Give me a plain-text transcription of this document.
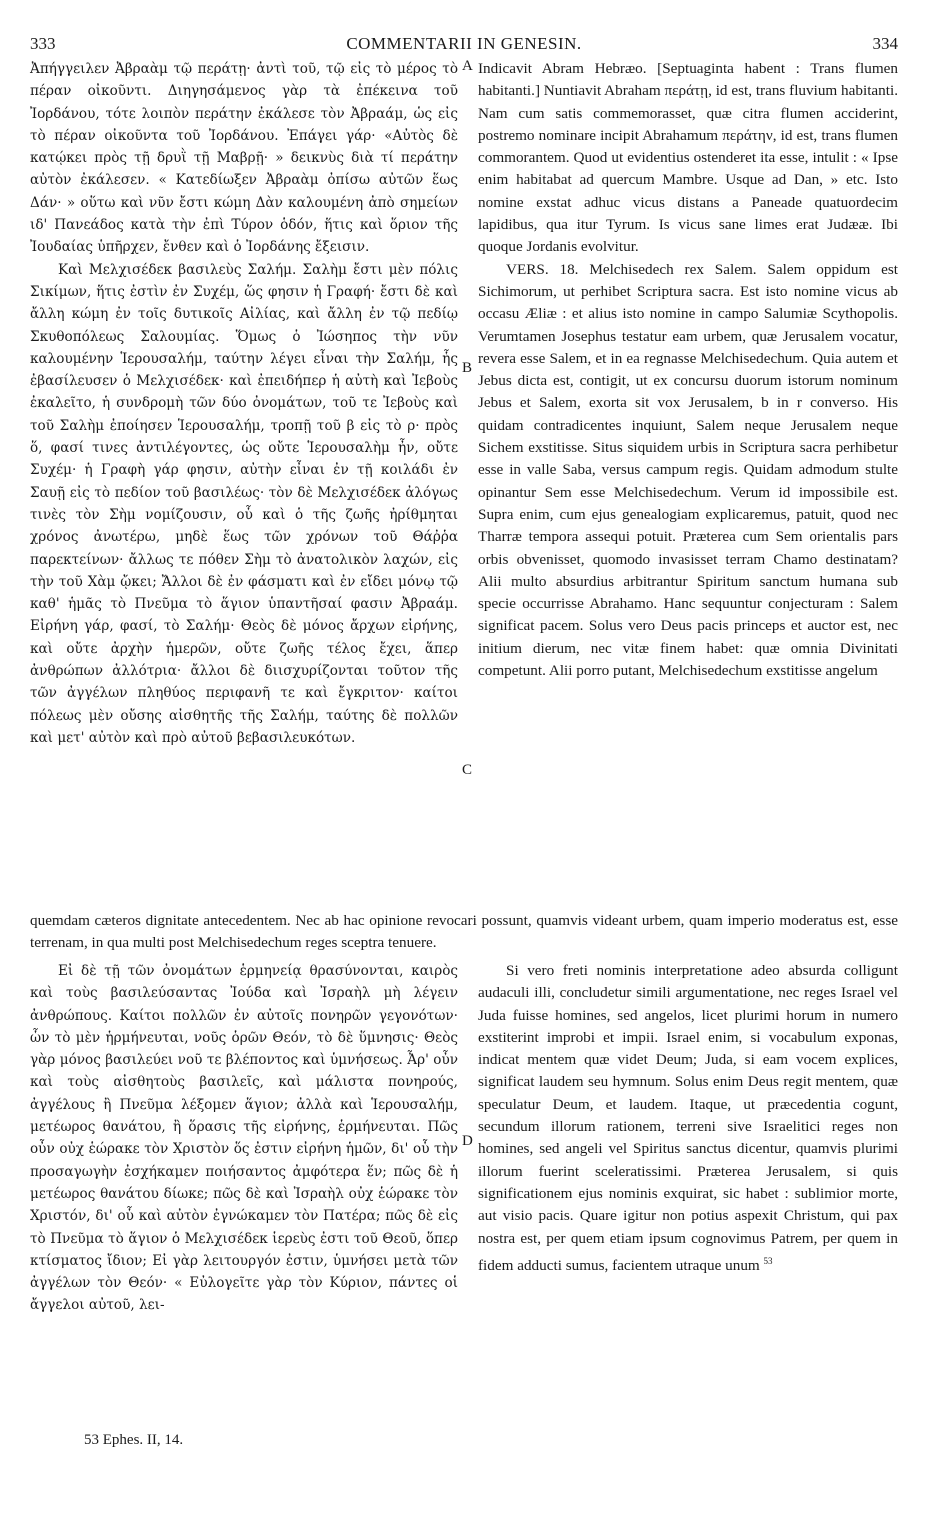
333	COMMENTARII IN GENESIN.	334
A
B
C
D

Ἀπήγγειλεν Ἀβραὰμ τῷ περάτῃ· ἀντὶ τοῦ, τῷ εἰς τὸ μέρος τὸ πέραν οἰκοῦντι. Διηγησάμενος γὰρ τὰ ἐπέκεινα τοῦ Ἰορδάνου, τότε λοιπὸν περάτην ἐκάλεσε τὸν Ἀβραάμ, ὡς εἰς τὸ πέραν οἰκοῦντα τοῦ Ἰορδάνου. Ἐπάγει γάρ· «Αὐτὸς δὲ κατῴκει πρὸς τῇ δρυῒ τῇ Μαβρῇ· » δεικνὺς διὰ τί περάτην αὐτὸν ἐκάλεσεν. « Κατεδίωξεν Ἀβραὰμ ὀπίσω αὐτῶν ἕως Δάν· » οὕτω καὶ νῦν ἔστι κώμη Δὰν καλουμένη ἀπὸ σημείων ιδ' Πανεάδος κατὰ τὴν ἐπὶ Τύρον ὁδόν, ἥτις καὶ ὅριον τῆς Ἰουδαίας ὑπῆρχεν, ἔνθεν καὶ ὁ Ἰορδάνης ἔξεισιν.

Καὶ Μελχισέδεκ βασιλεὺς Σαλήμ. Σαλὴμ ἔστι μὲν πόλις Σικίμων, ἥτις ἐστὶν ἐν Συχέμ, ὥς φησιν ἡ Γραφή· ἔστι δὲ καὶ ἄλλη κώμη ἐν τοῖς δυτικοῖς Αἰλίας, καὶ ἄλλη ἐν τῷ πεδίῳ Σκυθοπόλεως Σαλουμίας. Ὅμως ὁ Ἰώσηπος τὴν νῦν καλουμένην Ἱερουσαλήμ, ταύτην λέγει εἶναι τὴν Σαλήμ, ἧς ἐβασίλευσεν ὁ Μελχισέδεκ· καὶ ἐπειδήπερ ἡ αὐτὴ καὶ Ἰεβοὺς ἐκαλεῖτο, ἡ συνδρομὴ τῶν δύο ὀνομάτων, τοῦ τε Ἰεβοὺς καὶ τοῦ Σαλὴμ ἐποίησεν Ἱερουσαλήμ, τροπῇ τοῦ β εἰς τὸ ρ· πρὸς ὅ, φασί τινες ἀντιλέγοντες, ὡς οὔτε Ἱερουσαλὴμ ἦν, οὔτε Συχέμ· ἡ Γραφὴ γάρ φησιν, αὐτὴν εἶναι ἐν τῇ κοιλάδι ἐν Σαυῇ εἰς τὸ πεδίον τοῦ βασιλέως· τὸν δὲ Μελχισέδεκ ἀλόγως τινὲς τὸν Σὴμ νομίζουσιν, οὗ καὶ ὁ τῆς ζωῆς ἠρίθμηται χρόνος ἀνωτέρω, μηδὲ ἕως τῶν χρόνων τοῦ Θάῤῥα παρεκτείνων· ἄλλως τε πόθεν Σὴμ τὸ ἀνατολικὸν λαχών, εἰς τὴν τοῦ Χὰμ ᾤκει; Ἄλλοι δὲ ἐν φάσματι καὶ ἐν εἴδει μόνῳ τῷ καθ' ἡμᾶς τὸ Πνεῦμα τὸ ἅγιον ὑπαντῆσαί φασιν Ἀβραάμ. Εἰρήνη γάρ, φασί, τὸ Σαλήμ· Θεὸς δὲ μόνος ἄρχων εἰρήνης, καὶ οὔτε ἀρχὴν ἡμερῶν, οὔτε ζωῆς τέλος ἔχει, ἅπερ ἀνθρώπων ἀλλότρια· ἄλλοι δὲ διισχυρίζονται τοῦτον τῆς τῶν ἀγγέλων πληθύος περιφανῆ τε καὶ ἔγκριτον· καίτοι πόλεως μὲν οὔσης αἰσθητῆς τῆς Σαλήμ, ταύτης δὲ πολλῶν καὶ μετ' αὐτὸν καὶ πρὸ αὐτοῦ βεβασιλευκότων.

Indicavit Abram Hebræo. [Septuaginta habent : Trans flumen habitanti.] Nuntiavit Abraham περάτῃ, id est, trans fluvium habitanti. Nam cum satis commemorasset, quæ citra flumen acciderint, postremo nominare incipit Abrahamum περάτην, id est, trans flumen commorantem. Quod ut evidentius ostenderet ita esse, intulit : « Ipse enim habitabat ad quercum Mambre. Usque ad Dan, » etc. Isto nomine exstat adhuc vicus distans a Paneade quatuordecim lapidibus, qua itur Tyrum. Is vicus sane limes erat Judææ. Ibi quoque Jordanis evolvitur.

VERS. 18. Melchisedech rex Salem. Salem oppidum est Sichimorum, ut perhibet Scriptura sacra. Est isto nomine vicus ab occasu Æliæ : et alius isto nomine in campo Salumiæ Scythopolis. Verumtamen Josephus testatur eam urbem, quæ Jerusalem vocatur, revera esse Salem, et in ea regnasse Melchisedechum. Quia autem et Jebus dicta est, contigit, ut ex concursu duorum istorum nominum Jebus et Salem, exorta sit vox Jerusalem, b in r converso. His quidam contradicentes inquiunt, Salem neque Jerusalem neque Sichem exstitisse. Situs siquidem urbis in Scriptura sacra perhibetur esse in valle Saba, versus campum regis. Quidam admodum stulte opinantur Sem esse Melchisedechum. Verum id impossibile est. Supra enim, cum ejus genealogiam explicaremus, patuit, quod nec Tharræ tempora assequi potuit. Præterea cum Sem orientalis pars orbis obvenisset, quomodo invasisset terram Chamo destinatam? Alii multo absurdius arbitrantur Spiritum sanctum humana sub specie occurrisse Abrahamo. Hanc sequuntur conjecturam : Salem significat pacem. Solus vero Deus pacis princeps et auctor est, nec initium dierum, nec vitæ finem habet: quæ omnia Divinitati competunt. Alii porro putant, Melchisedechum exstitisse angelum

quemdam cæteros dignitate antecedentem. Nec ab hac opinione revocari possunt, quamvis videant urbem, quam imperio moderatus est, esse terrenam, in qua multi post Melchisedechum reges sceptra tenuere.

Εἰ δὲ τῇ τῶν ὀνομάτων ἑρμηνείᾳ θρασύνονται, καιρὸς καὶ τοὺς βασιλεύσαντας Ἰούδα καὶ Ἰσραὴλ μὴ λέγειν ἀνθρώπους. Καίτοι πολλῶν ἐν αὐτοῖς πονηρῶν γεγονότων· ὧν τὸ μὲν ἡρμήνευται, νοῦς ὁρῶν Θεόν, τὸ δὲ ὕμνησις· Θεὸς γὰρ μόνος βασιλεύει νοῦ τε βλέποντος καὶ ὑμνήσεως. Ἆρ' οὖν καὶ τοὺς αἰσθητοὺς βασιλεῖς, καὶ μάλιστα πονηρούς, ἀγγέλους ἢ Πνεῦμα λέξομεν ἅγιον; ἀλλὰ καὶ Ἱερουσαλήμ, μετέωρος θανάτου, ἢ ὅρασις τῆς εἰρήνης, ἑρμήνευται. Πῶς οὖν οὐχ ἑώρακε τὸν Χριστὸν ὅς ἐστιν εἰρήνη ἡμῶν, δι' οὗ τὴν προσαγωγὴν ἐσχήκαμεν ποιήσαντος ἀμφότερα ἕν; πῶς δὲ ἡ μετέωρος θανάτου δίωκε; πῶς δὲ καὶ Ἰσραὴλ οὐχ ἑώρακε τὸν Χριστόν, δι' οὗ καὶ αὐτὸν ἐγνώκαμεν τὸν Πατέρα; πῶς δὲ εἰς τὸ Πνεῦμα τὸ ἅγιον ὁ Μελχισέδεκ ἱερεὺς ἐστι τοῦ Θεοῦ, ὅπερ κτίσματος ἴδιον; Εἰ γὰρ λειτουργόν ἐστιν, ὑμνήσει μετὰ τῶν ἀγγέλων τὸν Θεόν· « Εὐλογεῖτε γὰρ τὸν Κύριον, πάντες οἱ ἄγγελοι αὐτοῦ, λει-

Si vero freti nominis interpretatione adeo absurda colligunt audaculi illi, concludetur simili argumentatione, nec reges Israel vel Juda fuisse homines, sed angelos, licet plurimi horum in numero exstiterint improbi et impii. Israel enim, si vocabulum exponas, indicat mentem quæ videt Deum; Juda, si eam vocem explices, significat laudem seu hymnum. Solus enim Deus regit mentem, quæ speculatur Deum, et laudem. Itaque, ut præcedentia cogunt, secundum illorum rationem, terreni sive Israelitici reges non homines, sed angeli vel Spiritus sanctus dicentur, quamvis plurimi illorum fuerint sceleratissimi. Præterea Jerusalem, si quis significationem ejus nominis exquirat, sic habet : sublimior morte, aut visio pacis. Quare igitur non potius aspexit Christum, qui pax nostra est, per quem etiam ipsum cognovimus Patrem, per quem in fidem adducti sumus, facientem utraque unum $^{53}$

53 Ephes. II, 14.
